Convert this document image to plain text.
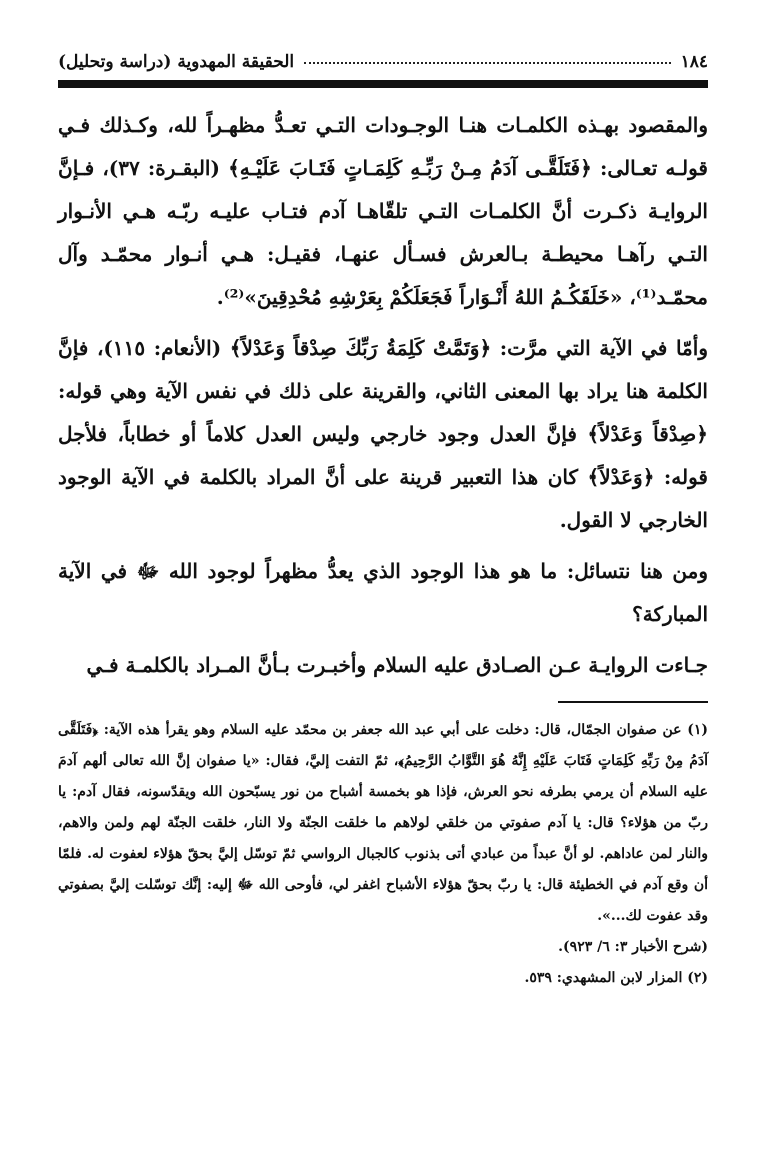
١٨٤
الحقيقة المهدوية (دراسة وتحليل)

والمقصود بهـذه الكلمـات هنـا الوجـودات التـي تعـدُّ مظهـراً لله، وكـذلك فـي قولـه تعـالى: ﴿فَتَلَقَّـى آدَمُ مِـنْ رَبِّـهِ كَلِمَـاتٍ فَتَـابَ عَلَيْـهِ﴾ (البقـرة: ٣٧)، فـإنَّ الروايـة ذكـرت أنَّ الكلمـات التـي تلقّاهـا آدم فتـاب عليـه ربّـه هـي الأنـوار التـي رآهـا محيطـة بـالعرش فسـأل عنهـا، فقيـل: هـي أنـوار محمّـد وآل محمّـد⁽¹⁾، «خَلَقَكُـمُ اللهُ أَنْـوَاراً فَجَعَلَكُمْ بِعَرْشِهِ مُحْدِقِينَ»⁽²⁾.

وأمّا في الآية التي مرَّت: ﴿وَتَمَّتْ كَلِمَةُ رَبِّكَ صِدْقاً وَعَدْلاً﴾ (الأنعام: ١١٥)، فإنَّ الكلمة هنا يراد بها المعنى الثاني، والقرينة على ذلك في نفس الآية وهي قوله: ﴿صِدْقاً وَعَدْلاً﴾ فإنَّ العدل وجود خارجي وليس العدل كلاماً أو خطاباً، فلأجل قوله: ﴿وَعَدْلاً﴾ كان هذا التعبير قرينة على أنَّ المراد بالكلمة في الآية الوجود الخارجي لا القول.

ومن هنا نتسائل: ما هو هذا الوجود الذي يعدُّ مظهراً لوجود الله ﷻ في الآية المباركة؟

جـاءت الروايـة عـن الصـادق عليه السلام وأخبـرت بـأنَّ المـراد بالكلمـة فـي

(١) عن صفوان الجمّال، قال: دخلت على أبي عبد الله جعفر بن محمّد عليه السلام وهو يقرأ هذه الآية: ﴿فَتَلَقَّى آدَمُ مِنْ رَبِّهِ كَلِمَاتٍ فَتَابَ عَلَيْهِ إِنَّهُ هُوَ التَّوَّابُ الرَّحِيمُ﴾، ثمّ التفت إليَّ، فقال: «يا صفوان إنَّ الله تعالى ألهم آدمَ عليه السلام أن يرمي بطرفه نحو العرش، فإذا هو بخمسة أشباح من نور يسبّحون الله ويقدّسونه، فقال آدم: يا ربّ من هؤلاء؟ قال: يا آدم صفوتي من خلقي لولاهم ما خلقت الجنّة ولا النار، خلقت الجنّة لهم ولمن والاهم، والنار لمن عاداهم. لو أنَّ عبداً من عبادي أتى بذنوب كالجبال الرواسي ثمّ توسّل إليَّ بحقّ هؤلاء لعفوت له. فلمّا أن وقع آدم في الخطيئة قال: يا ربّ بحقّ هؤلاء الأشباح اغفر لي، فأوحى الله ﷻ إليه: إنَّك توسّلت إليَّ بصفوتي وقد عفوت لك...».

(شرح الأخبار ٣: ٦/ ٩٢٣).

(٢) المزار لابن المشهدي: ٥٣٩.
